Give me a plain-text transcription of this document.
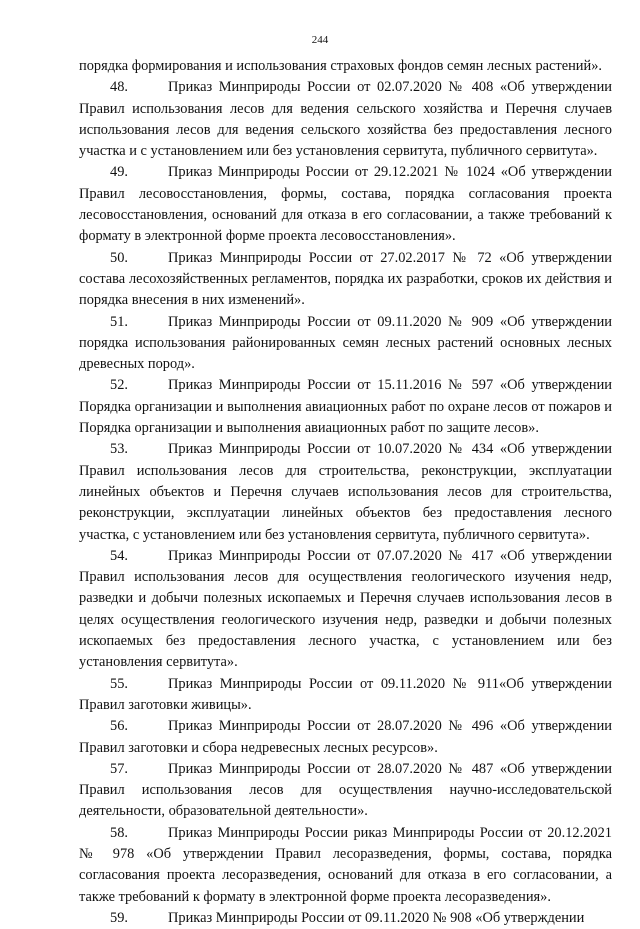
244

порядка формирования и использования страховых фондов семян лесных растений».

48.	Приказ Минприроды России от 02.07.2020 № 408 «Об утверждении Правил использования лесов для ведения сельского хозяйства и Перечня случаев использования лесов для ведения сельского хозяйства без предоставления лесного участка и с установлением или без установления сервитута, публичного сервитута».

49.	Приказ Минприроды России от 29.12.2021 № 1024 «Об утверждении Правил лесовосстановления, формы, состава, порядка согласования проекта лесовосстановления, оснований для отказа в его согласовании, а также требований к формату в электронной форме проекта лесовосстановления».

50.	Приказ Минприроды России от 27.02.2017 № 72 «Об утверждении состава лесохозяйственных регламентов, порядка их разработки, сроков их действия и порядка внесения в них изменений».

51.	Приказ Минприроды России от 09.11.2020 № 909 «Об утверждении порядка использования районированных семян лесных растений основных лесных древесных пород».

52.	Приказ Минприроды России от 15.11.2016 № 597 «Об утверждении Порядка организации и выполнения авиационных работ по охране лесов от пожаров и Порядка организации и выполнения авиационных работ по защите лесов».

53.	Приказ Минприроды России от 10.07.2020 № 434 «Об утверждении Правил использования лесов для строительства, реконструкции, эксплуатации линейных объектов и Перечня случаев использования лесов для строительства, реконструкции, эксплуатации линейных объектов без предоставления лесного участка, с установлением или без установления сервитута, публичного сервитута».

54.	Приказ Минприроды России от 07.07.2020 № 417 «Об утверждении Правил использования лесов для осуществления геологического изучения недр, разведки и добычи полезных ископаемых и Перечня случаев использования лесов в целях осуществления геологического изучения недр, разведки и добычи полезных ископаемых без предоставления лесного участка, с установлением или без установления сервитута».

55.	Приказ Минприроды России от 09.11.2020 № 911«Об утверждении Правил заготовки живицы».

56.	Приказ Минприроды России от 28.07.2020 № 496 «Об утверждении Правил заготовки и сбора недревесных лесных ресурсов».

57.	Приказ Минприроды России от 28.07.2020 № 487 «Об утверждении Правил использования лесов для осуществления научно-исследовательской деятельности, образовательной деятельности».

58.	Приказ Минприроды России риказ Минприроды России от 20.12.2021 № 978 «Об утверждении Правил лесоразведения, формы, состава, порядка согласования проекта лесоразведения, оснований для отказа в его согласовании, а также требований к формату в электронной форме проекта лесоразведения».

59.	Приказ Минприроды России от 09.11.2020 № 908 «Об утверждении
